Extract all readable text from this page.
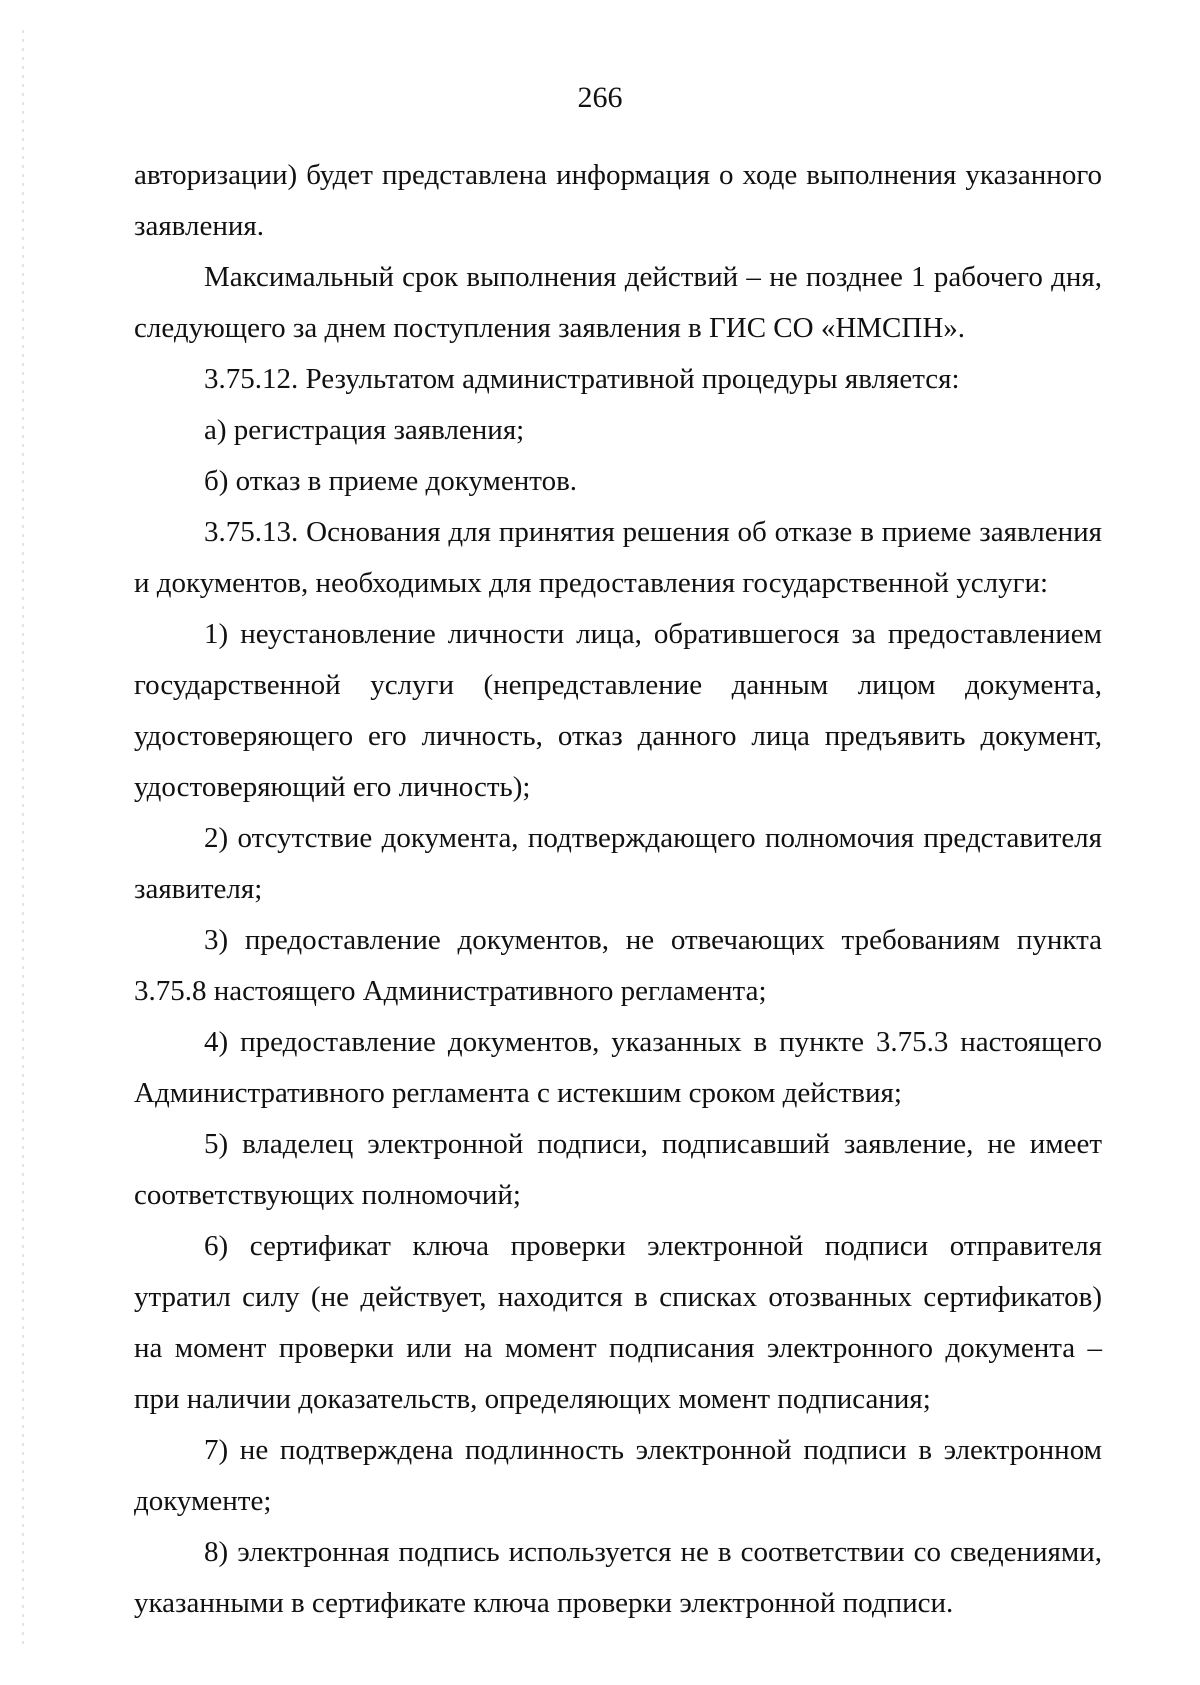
266

авторизации) будет представлена информация о ходе выполнения указанного заявления.

Максимальный срок выполнения действий – не позднее 1 рабочего дня, следующего за днем поступления заявления в ГИС СО «НМСПН».

3.75.12. Результатом административной процедуры является:

а) регистрация заявления;

б) отказ в приеме документов.

3.75.13. Основания для принятия решения об отказе в приеме заявления и документов, необходимых для предоставления государственной услуги:

1) неустановление личности лица, обратившегося за предоставлением государственной услуги (непредставление данным лицом документа, удостоверяющего его личность, отказ данного лица предъявить документ, удостоверяющий его личность);

2) отсутствие документа, подтверждающего полномочия представителя заявителя;

3) предоставление документов, не отвечающих требованиям пункта 3.75.8 настоящего Административного регламента;

4) предоставление документов, указанных в пункте 3.75.3 настоящего Административного регламента с истекшим сроком действия;

5) владелец электронной подписи, подписавший заявление, не имеет соответствующих полномочий;

6) сертификат ключа проверки электронной подписи отправителя утратил силу (не действует, находится в списках отозванных сертификатов) на момент проверки или на момент подписания электронного документа – при наличии доказательств, определяющих момент подписания;

7) не подтверждена подлинность электронной подписи в электронном документе;

8) электронная подпись используется не в соответствии со сведениями, указанными в сертификате ключа проверки электронной подписи.
